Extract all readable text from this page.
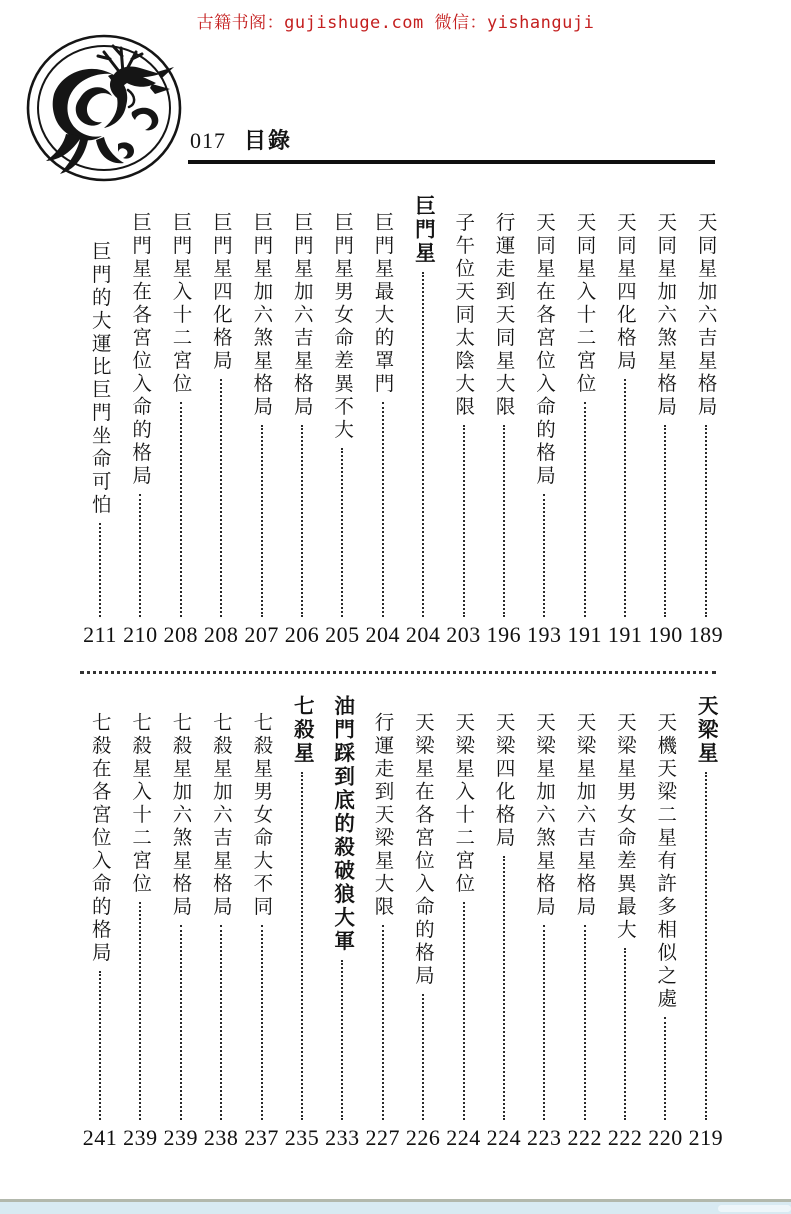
古籍书阁：gujishuge.com 微信：yishanguji
017 目錄
天同星加六吉星格局
189
天同星加六煞星格局
190
天同星四化格局
191
天同星入十二宮位
191
天同星在各宮位入命的格局
193
行運走到天同星大限
196
子午位天同太陰大限
203
巨門星
204
巨門星最大的罩門
204
巨門星男女命差異不大
205
巨門星加六吉星格局
206
巨門星加六煞星格局
207
巨門星四化格局
208
巨門星入十二宮位
208
巨門星在各宮位入命的格局
210
巨門的大運比巨門坐命可怕
211
天梁星
219
天機天梁二星有許多相似之處
220
天梁星男女命差異最大
222
天梁星加六吉星格局
222
天梁星加六煞星格局
223
天梁四化格局
224
天梁星入十二宮位
224
天梁星在各宮位入命的格局
226
行運走到天梁星大限
227
油門踩到底的殺破狼大軍
233
七殺星
235
七殺星男女命大不同
237
七殺星加六吉星格局
238
七殺星加六煞星格局
239
七殺星入十二宮位
239
七殺在各宮位入命的格局
241
